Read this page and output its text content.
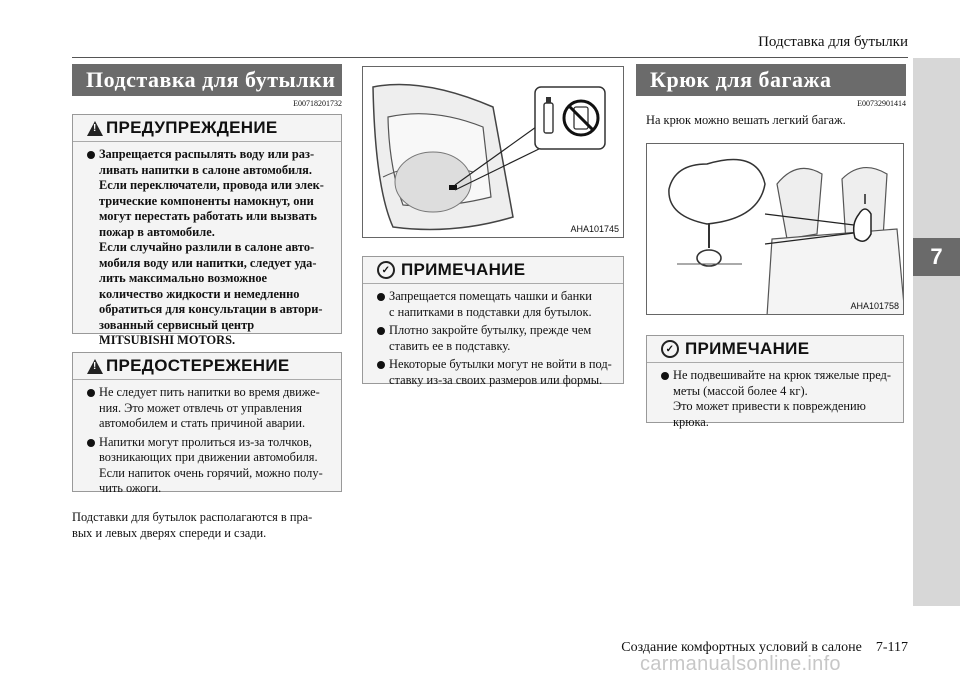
Подставка для бутылки
7
Подставка для бутылки
E00718201732
!
ПРЕДУПРЕЖДЕНИЕ
Запрещается распылять воду или раз-
ливать напитки в салоне автомобиля.
Если переключатели, провода или элек-
трические компоненты намокнут, они
могут перестать работать или вызвать
пожар в автомобиле.
Если случайно разлили в салоне авто-
мобиля воду или напитки, следует уда-
лить максимально возможное
количество жидкости и немедленно
обратиться для консультации в автори-
зованный сервисный центр
MITSUBISHI MOTORS.
!
ПРЕДОСТЕРЕЖЕНИЕ
Не следует пить напитки во время движе-
ния. Это может отвлечь от управления
автомобилем и стать причиной аварии.
Напитки могут пролиться из-за толчков,
возникающих при движении автомобиля.
Если напиток очень горячий, можно полу-
чить ожоги.
Подставки для бутылок располагаются в пра-
вых и левых дверях спереди и сзади.
AHA101745
✓ ПРИМЕЧАНИЕ
Запрещается помещать чашки и банки
с напитками в подставки для бутылок.
Плотно закройте бутылку, прежде чем
ставить ее в подставку.
Некоторые бутылки могут не войти в под-
ставку из-за своих размеров или формы.
Крюк для багажа
E00732901414
На крюк можно вешать легкий багаж.
AHA101758
✓ ПРИМЕЧАНИЕ
Не подвешивайте на крюк тяжелые пред-
меты (массой более 4 кг).
Это может привести к повреждению
крюка.
Создание комфортных условий в салоне    7-117
carmanualsonline.info
